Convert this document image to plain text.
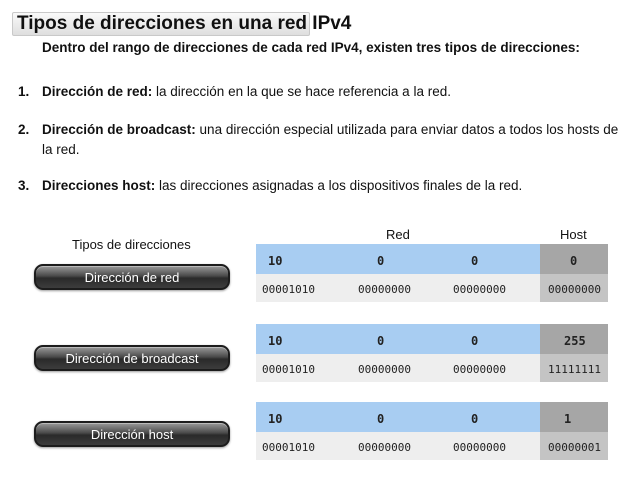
Tipos de direcciones en una red IPv4
Dentro del rango de direcciones de cada red IPv4, existen tres tipos de direcciones:
1. Dirección de red: la dirección en la que se hace referencia a la red.
2. Dirección de broadcast: una dirección especial utilizada para enviar datos a todos los hosts de la red.
3. Direcciones host: las direcciones asignadas a los dispositivos finales de la red.
Tipos de direcciones
Red	Host
Dirección de red
10	0	0	0
00001010	00000000	00000000	00000000
Dirección de broadcast
10	0	0	255
00001010	00000000	00000000	11111111
Dirección host
10	0	0	1
00001010	00000000	00000000	00000001
